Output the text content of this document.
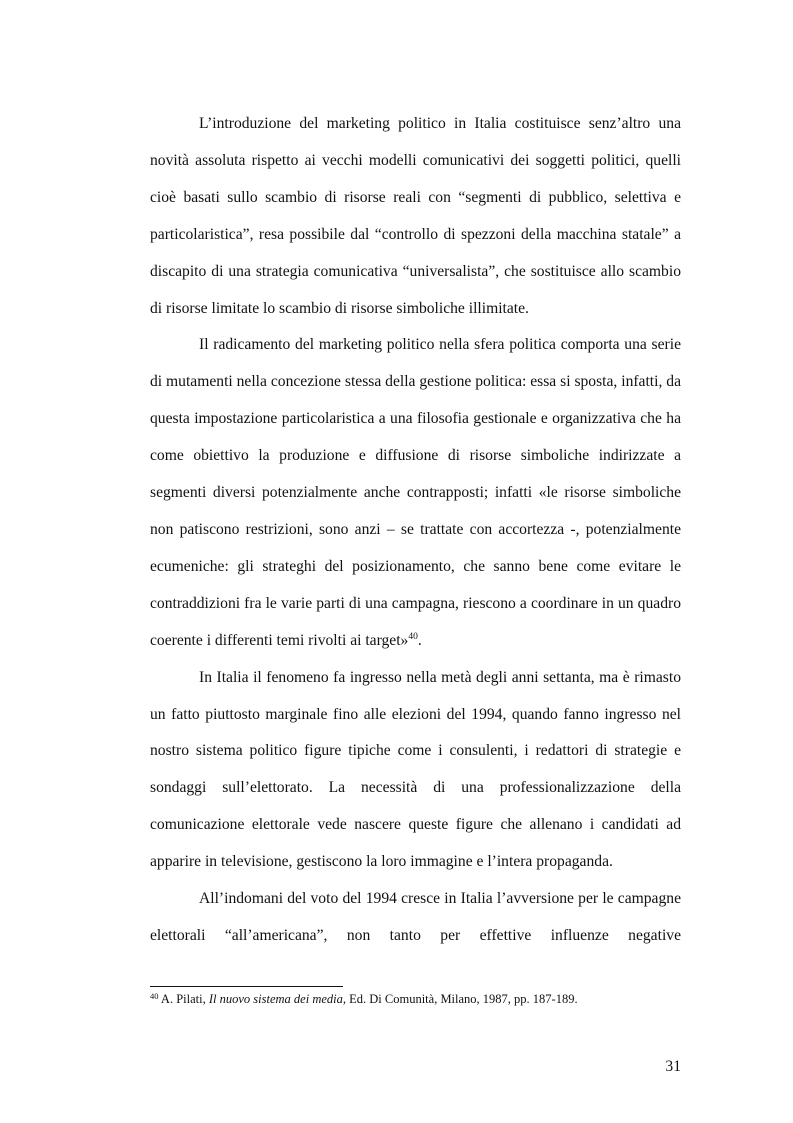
L’introduzione del marketing politico in Italia costituisce senz’altro una novità assoluta rispetto ai vecchi modelli comunicativi dei soggetti politici, quelli cioè basati sullo scambio di risorse reali con “segmenti di pubblico, selettiva e particolaristica”, resa possibile dal “controllo di spezzoni della macchina statale” a discapito di una strategia comunicativa “universalista”, che sostituisce allo scambio di risorse limitate lo scambio di risorse simboliche illimitate.

Il radicamento del marketing politico nella sfera politica comporta una serie di mutamenti nella concezione stessa della gestione politica: essa si sposta, infatti, da questa impostazione particolaristica a una filosofia gestionale e organizzativa che ha come obiettivo la produzione e diffusione di risorse simboliche indirizzate a segmenti diversi potenzialmente anche contrapposti; infatti «le risorse simboliche non patiscono restrizioni, sono anzi – se trattate con accortezza -, potenzialmente ecumeniche: gli strateghi del posizionamento, che sanno bene come evitare le contraddizioni fra le varie parti di una campagna, riescono a coordinare in un quadro coerente i differenti temi rivolti ai target»$^{40}$.

In Italia il fenomeno fa ingresso nella metà degli anni settanta, ma è rimasto un fatto piuttosto marginale fino alle elezioni del 1994, quando fanno ingresso nel nostro sistema politico figure tipiche come i consulenti, i redattori di strategie e sondaggi sull’elettorato. La necessità di una professionalizzazione della comunicazione elettorale vede nascere queste figure che allenano i candidati ad apparire in televisione, gestiscono la loro immagine e l’intera propaganda.

All’indomani del voto del 1994 cresce in Italia l’avversione per le campagne elettorali “all’americana”, non tanto per effettive influenze negative

$^{40}$ A. Pilati, Il nuovo sistema dei media, Ed. Di Comunità, Milano, 1987, pp. 187-189.

31
